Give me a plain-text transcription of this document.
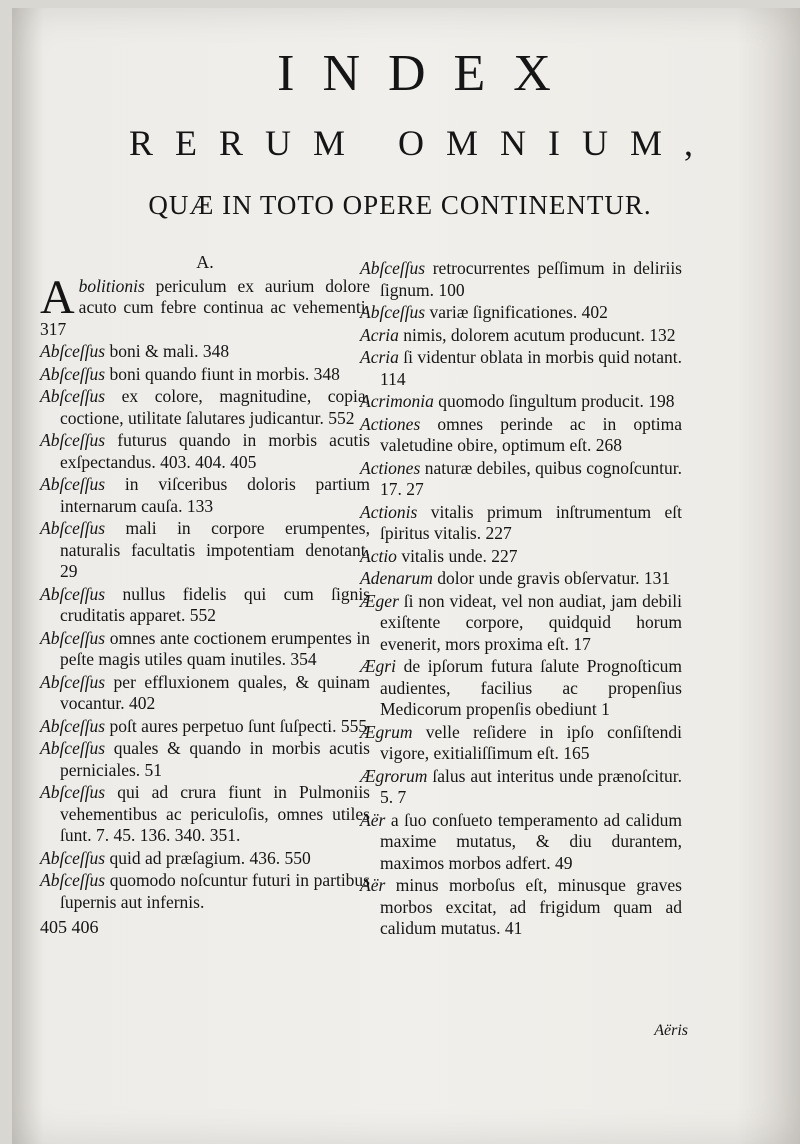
INDEX
RERUM OMNIUM,
QUÆ IN TOTO OPERE CONTINENTUR.
A.
Abolitionis periculum ex aurium dolore acuto cum febre continua ac vehementi. 317
Abſceſſus boni & mali. 348
Abſceſſus boni quando fiunt in morbis. 348
Abſceſſus ex colore, magnitudine, copia, coctione, utilitate ſalutares judicantur. 552
Abſceſſus futurus quando in morbis acutis exſpectandus. 403. 404. 405
Abſceſſus in viſceribus doloris partium internarum cauſa. 133
Abſceſſus mali in corpore erumpentes, naturalis facultatis impotentiam denotant. 29
Abſceſſus nullus fidelis qui cum ſignis cruditatis apparet. 552
Abſceſſus omnes ante coctionem erumpentes in peſte magis utiles quam inutiles. 354
Abſceſſus per effluxionem quales, & quinam vocantur. 402
Abſceſſus poſt aures perpetuo ſunt ſuſpecti. 555
Abſceſſus quales & quando in morbis acutis perniciales. 51
Abſceſſus qui ad crura fiunt in Pulmoniis vehementibus ac periculoſis, omnes utiles ſunt. 7. 45. 136. 340. 351.
Abſceſſus quid ad præſagium. 436. 550
Abſceſſus quomodo noſcuntur futuri in partibus ſupernis aut infernis.
405 406
Abſceſſus retrocurrentes peſſimum in deliriis ſignum. 100
Abſceſſus variæ ſignificationes. 402
Acria nimis, dolorem acutum producunt. 132
Acria ſi videntur oblata in morbis quid notant. 114
Acrimonia quomodo ſingultum producit. 198
Actiones omnes perinde ac in optima valetudine obire, optimum eſt. 268
Actiones naturæ debiles, quibus cognoſcuntur. 17. 27
Actionis vitalis primum inſtrumentum eſt ſpiritus vitalis. 227
Actio vitalis unde. 227
Adenarum dolor unde gravis obſervatur. 131
Æger ſi non videat, vel non audiat, jam debili exiſtente corpore, quidquid horum evenerit, mors proxima eſt. 17
Ægri de ipſorum futura ſalute Prognoſticum audientes, facilius ac propenſius Medicorum propenſis obediunt 1
Ægrum velle reſidere in ipſo conſiſtendi vigore, exitialiſſimum eſt. 165
Ægrorum ſalus aut interitus unde prænoſcitur. 5. 7
Aër a ſuo conſueto temperamento ad calidum maxime mutatus, & diu durantem, maximos morbos adfert. 49
Aër minus morboſus eſt, minusque graves morbos excitat, ad frigidum quam ad calidum mutatus. 41
Aëris
